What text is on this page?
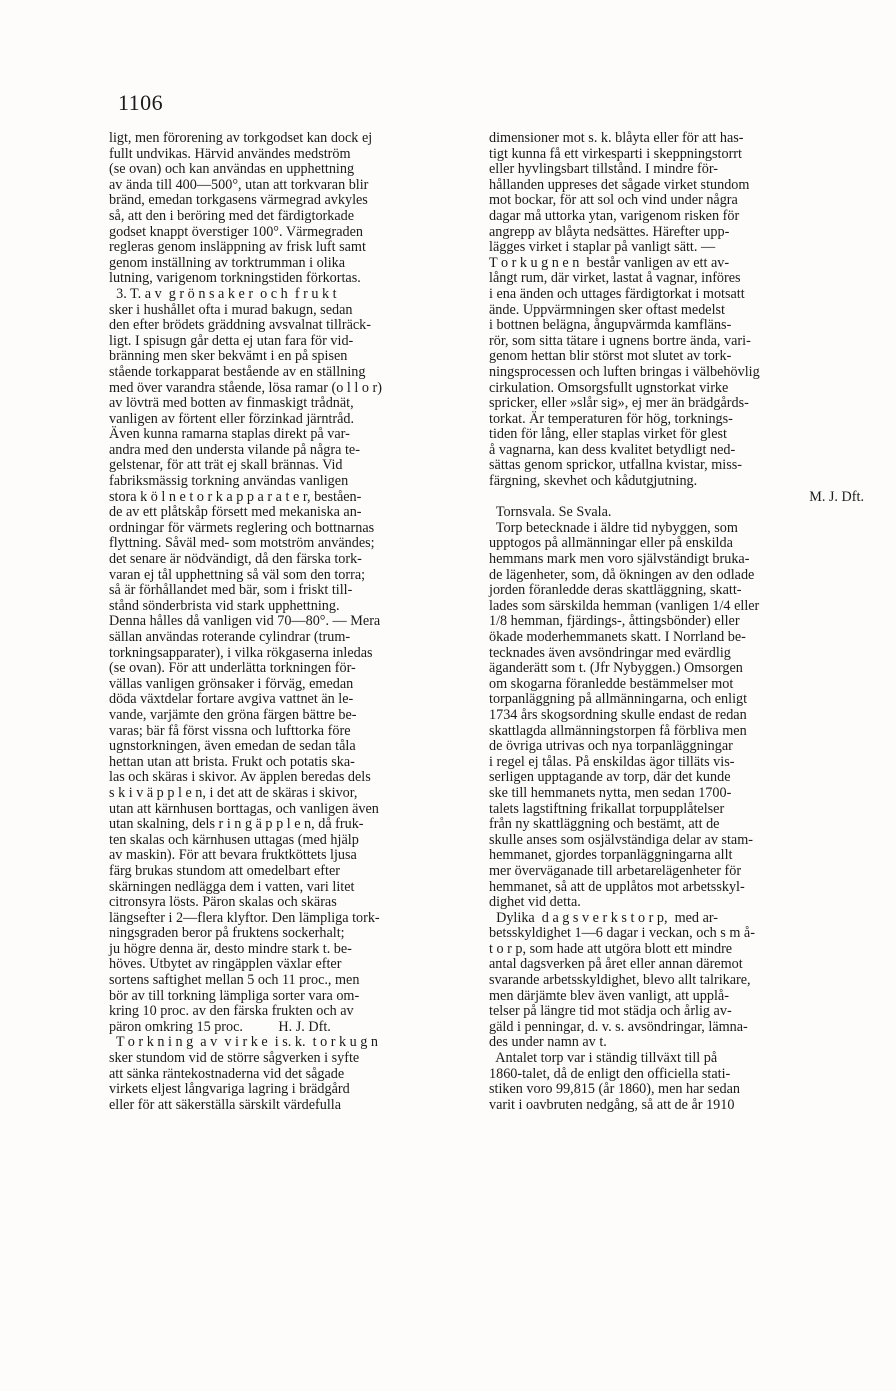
1106
ligt, men förorening av torkgodset kan dock ej
fullt undvikas. Härvid användes medström
(se ovan) och kan användas en upphettning
av ända till 400—500°, utan att torkvaran blir
bränd, emedan torkgasens värmegrad avkyles
så, att den i beröring med det färdigtorkade
godset knappt överstiger 100°. Värmegraden
regleras genom insläppning av frisk luft samt
genom inställning av torktrumman i olika
lutning, varigenom torkningstiden förkortas.
3. T. a v  g r ö n s a k e r  o c h  f r u k t
sker i hushållet ofta i murad bakugn, sedan
den efter brödets gräddning avsvalnat tillräck-
ligt. I spisugn går detta ej utan fara för vid-
bränning men sker bekvämt i en på spisen
stående torkapparat bestående av en ställning
med över varandra stående, lösa ramar (o l l o r)
av lövträ med botten av finmaskigt trådnät,
vanligen av förtent eller förzinkad järntråd.
Även kunna ramarna staplas direkt på var-
andra med den understa vilande på några te-
gelstenar, för att trät ej skall brännas. Vid
fabriksmässig torkning användas vanligen
stora k ö l n e t o r k a p p a r a t e r, beståen-
de av ett plåtskåp försett med mekaniska an-
ordningar för värmets reglering och bottnarnas
flyttning. Såväl med- som motström användes;
det senare är nödvändigt, då den färska tork-
varan ej tål upphettning så väl som den torra;
så är förhållandet med bär, som i friskt till-
stånd sönderbrista vid stark upphettning.
Denna hålles då vanligen vid 70—80°. — Mera
sällan användas roterande cylindrar (trum-
torkningsapparater), i vilka rökgaserna inledas
(se ovan). För att underlätta torkningen för-
vällas vanligen grönsaker i förväg, emedan
döda växtdelar fortare avgiva vattnet än le-
vande, varjämte den gröna färgen bättre be-
varas; bär få först vissna och lufttorka före
ugnstorkningen, även emedan de sedan tåla
hettan utan att brista. Frukt och potatis ska-
las och skäras i skivor. Av äpplen beredas dels
s k i v ä p p l e n, i det att de skäras i skivor,
utan att kärnhusen borttagas, och vanligen även
utan skalning, dels r i n g ä p p l e n, då fruk-
ten skalas och kärnhusen uttagas (med hjälp
av maskin). För att bevara fruktköttets ljusa
färg brukas stundom att omedelbart efter
skärningen nedlägga dem i vatten, vari litet
citronsyra lösts. Päron skalas och skäras
längsefter i 2—flera klyftor. Den lämpliga tork-
ningsgraden beror på fruktens sockerhalt;
ju högre denna är, desto mindre stark t. be-
höves. Utbytet av ringäpplen växlar efter
sortens saftighet mellan 5 och 11 proc., men
bör av till torkning lämpliga sorter vara om-
kring 10 proc. av den färska frukten och av
päron omkring 15 proc.          H. J. Dft.
T o r k n i n g  a v  v i r k e  i s. k.  t o r k u g n
sker stundom vid de större sågverken i syfte
att sänka räntekostnaderna vid det sågade
virkets eljest långvariga lagring i brädgård
eller för att säkerställa särskilt värdefulla
dimensioner mot s. k. blåyta eller för att has-
tigt kunna få ett virkesparti i skeppningstorrt
eller hyvlingsbart tillstånd. I mindre för-
hållanden uppreses det sågade virket stundom
mot bockar, för att sol och vind under några
dagar må uttorka ytan, varigenom risken för
angrepp av blåyta nedsättes. Härefter upp-
lägges virket i staplar på vanligt sätt. —
T o r k u g n e n  består vanligen av ett av-
långt rum, där virket, lastat å vagnar, införes
i ena änden och uttages färdigtorkat i motsatt
ände. Uppvärmningen sker oftast medelst
i bottnen belägna, ångupvärmda kamfläns-
rör, som sitta tätare i ugnens bortre ända, vari-
genom hettan blir störst mot slutet av tork-
ningsprocessen och luften bringas i välbehövlig
cirkulation. Omsorgsfullt ugnstorkat virke
spricker, eller »slår sig», ej mer än brädgårds-
torkat. Är temperaturen för hög, torknings-
tiden för lång, eller staplas virket för glest
å vagnarna, kan dess kvalitet betydligt ned-
sättas genom sprickor, utfallna kvistar, miss-
färgning, skevhet och kådutgjutning.
M. J. Dft.
Tornsvala. Se Svala.
Torp betecknade i äldre tid nybyggen, som
upptogos på allmänningar eller på enskilda
hemmans mark men voro självständigt bruka-
de lägenheter, som, då ökningen av den odlade
jorden föranledde deras skattläggning, skatt-
lades som särskilda hemman (vanligen 1/4 eller
1/8 hemman, fjärdings-, åttingsbönder) eller
ökade moderhemmanets skatt. I Norrland be-
tecknades även avsöndringar med evärdlig
äganderätt som t. (Jfr Nybyggen.) Omsorgen
om skogarna föranledde bestämmelser mot
torpanläggning på allmänningarna, och enligt
1734 års skogsordning skulle endast de redan
skattlagda allmänningstorpen få förbliva men
de övriga utrivas och nya torpanläggningar
i regel ej tålas. På enskildas ägor tilläts vis-
serligen upptagande av torp, där det kunde
ske till hemmanets nytta, men sedan 1700-
talets lagstiftning frikallat torpupplåtelser
från ny skattläggning och bestämt, att de
skulle anses som osjälvständiga delar av stam-
hemmanet, gjordes torpanläggningarna allt
mer överväganade till arbetarelägenheter för
hemmanet, så att de upplåtos mot arbetsskyl-
dighet vid detta.
Dylika  d a g s v e r k s t o r p,  med ar-
betsskyldighet 1—6 dagar i veckan, och s m å-
t o r p, som hade att utgöra blott ett mindre
antal dagsverken på året eller annan däremot
svarande arbetsskyldighet, blevo allt talrikare,
men därjämte blev även vanligt, att upplå-
telser på längre tid mot städja och årlig av-
gäld i penningar, d. v. s. avsöndringar, lämna-
des under namn av t.
Antalet torp var i ständig tillväxt till på
1860-talet, då de enligt den officiella stati-
stiken voro 99,815 (år 1860), men har sedan
varit i oavbruten nedgång, så att de år 1910
